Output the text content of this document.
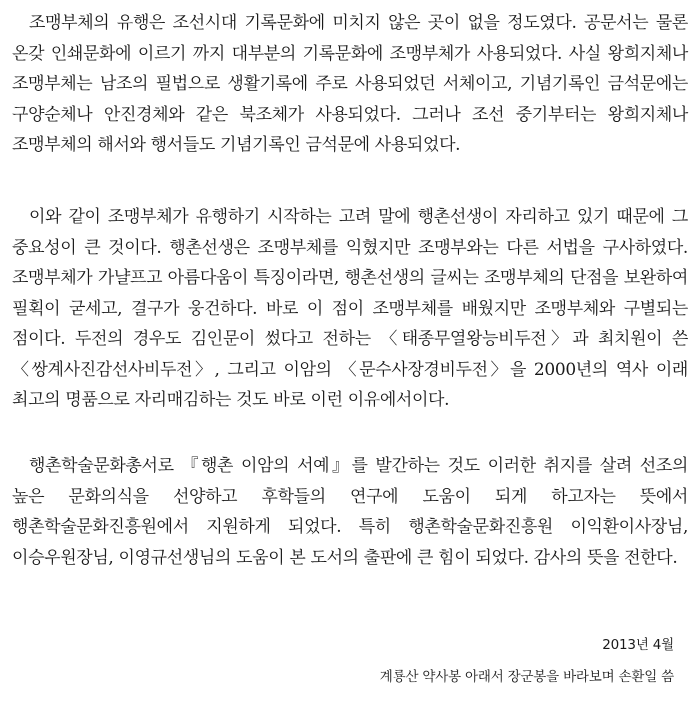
조맹부체의 유행은 조선시대 기록문화에 미치지 않은 곳이 없을 정도였다. 공문서는 물론 온갖 인쇄문화에 이르기 까지 대부분의 기록문화에 조맹부체가 사용되었다. 사실 왕희지체나 조맹부체는 남조의 필법으로 생활기록에 주로 사용되었던 서체이고, 기념기록인 금석문에는 구양순체나 안진경체와 같은 북조체가 사용되었다. 그러나 조선 중기부터는 왕희지체나 조맹부체의 해서와 행서들도 기념기록인 금석문에 사용되었다.

이와 같이 조맹부체가 유행하기 시작하는 고려 말에 행촌선생이 자리하고 있기 때문에 그 중요성이 큰 것이다. 행촌선생은 조맹부체를 익혔지만 조맹부와는 다른 서법을 구사하였다. 조맹부체가 가냘프고 아름다움이 특징이라면, 행촌선생의 글씨는 조맹부체의 단점을 보완하여 필획이 굳세고, 결구가 웅건하다. 바로 이 점이 조맹부체를 배웠지만 조맹부체와 구별되는 점이다. 두전의 경우도 김인문이 썼다고 전하는 〈태종무열왕능비두전〉과 최치원이 쓴 〈쌍계사진감선사비두전〉, 그리고 이암의 〈문수사장경비두전〉을 2000년의 역사 이래 최고의 명품으로 자리매김하는 것도 바로 이런 이유에서이다.

행촌학술문화총서로 『행촌 이암의 서예』를 발간하는 것도 이러한 취지를 살려 선조의 높은 문화의식을 선양하고 후학들의 연구에 도움이 되게 하고자는 뜻에서 행촌학술문화진흥원에서 지원하게 되었다. 특히 행촌학술문화진흥원 이익환이사장님, 이승우원장님, 이영규선생님의 도움이 본 도서의 출판에 큰 힘이 되었다. 감사의 뜻을 전한다.

2013년 4월
계룡산 약사봉 아래서 장군봉을 바라보며 손환일 씀
